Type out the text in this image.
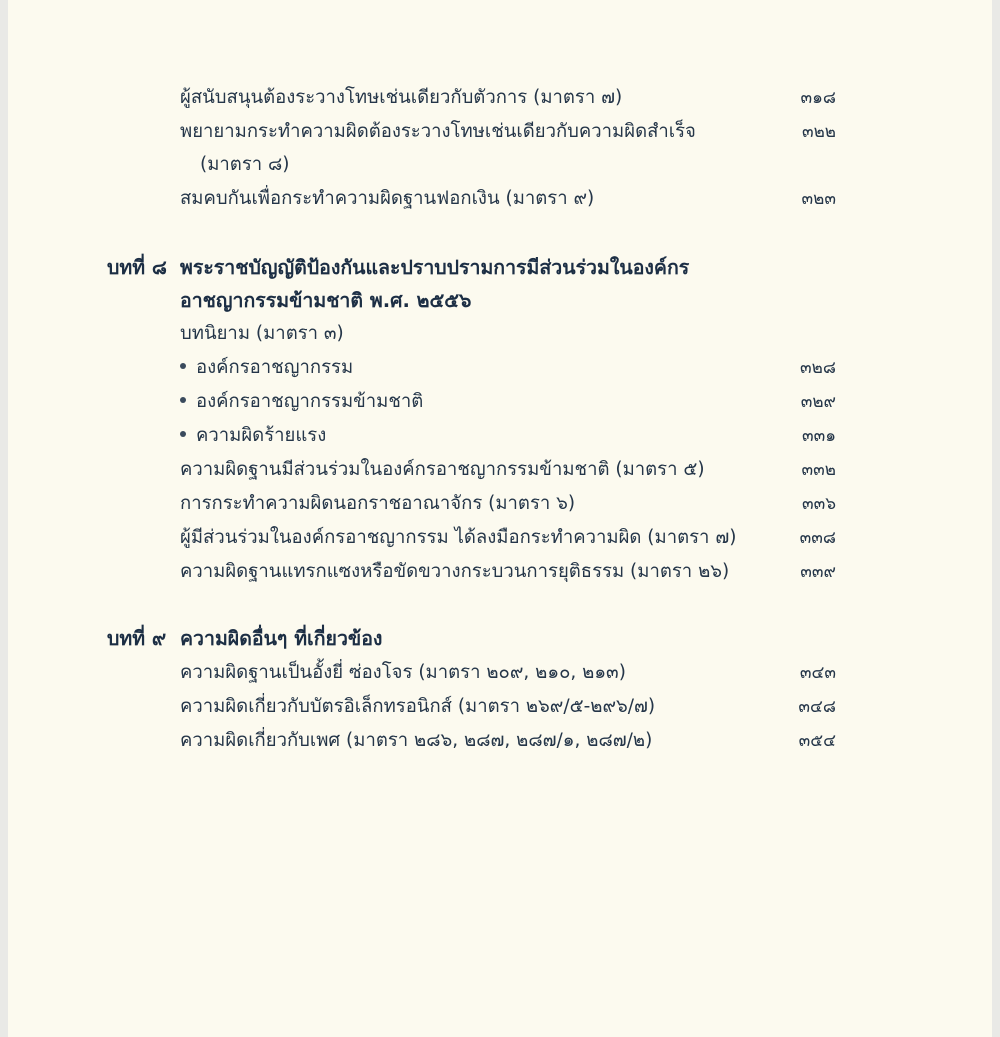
ผู้สนับสนุนต้องระวางโทษเช่นเดียวกับตัวการ (มาตรา ๗)	๓๑๘
พยายามกระทำความผิดต้องระวางโทษเช่นเดียวกับความผิดสำเร็จ	๓๒๒
(มาตรา ๘)
สมคบกันเพื่อกระทำความผิดฐานฟอกเงิน (มาตรา ๙)	๓๒๓
บทที่ ๘ พระราชบัญญัติป้องกันและปราบปรามการมีส่วนร่วมในองค์กร
อาชญากรรมข้ามชาติ พ.ศ. ๒๕๕๖
บทนิยาม (มาตรา ๓)
องค์กรอาชญากรรม	๓๒๘
องค์กรอาชญากรรมข้ามชาติ	๓๒๙
ความผิดร้ายแรง	๓๓๑
ความผิดฐานมีส่วนร่วมในองค์กรอาชญากรรมข้ามชาติ (มาตรา ๕)	๓๓๒
การกระทำความผิดนอกราชอาณาจักร (มาตรา ๖)	๓๓๖
ผู้มีส่วนร่วมในองค์กรอาชญากรรม ได้ลงมือกระทำความผิด (มาตรา ๗)	๓๓๘
ความผิดฐานแทรกแซงหรือขัดขวางกระบวนการยุติธรรม (มาตรา ๒๖)	๓๓๙
บทที่ ๙ ความผิดอื่นๆ ที่เกี่ยวข้อง
ความผิดฐานเป็นอั้งยี่ ซ่องโจร (มาตรา ๒๐๙, ๒๑๐, ๒๑๓)	๓๔๓
ความผิดเกี่ยวกับบัตรอิเล็กทรอนิกส์ (มาตรา ๒๖๙/๕-๒๙๖/๗)	๓๔๘
ความผิดเกี่ยวกับเพศ (มาตรา ๒๘๖, ๒๘๗, ๒๘๗/๑, ๒๘๗/๒)	๓๕๔
